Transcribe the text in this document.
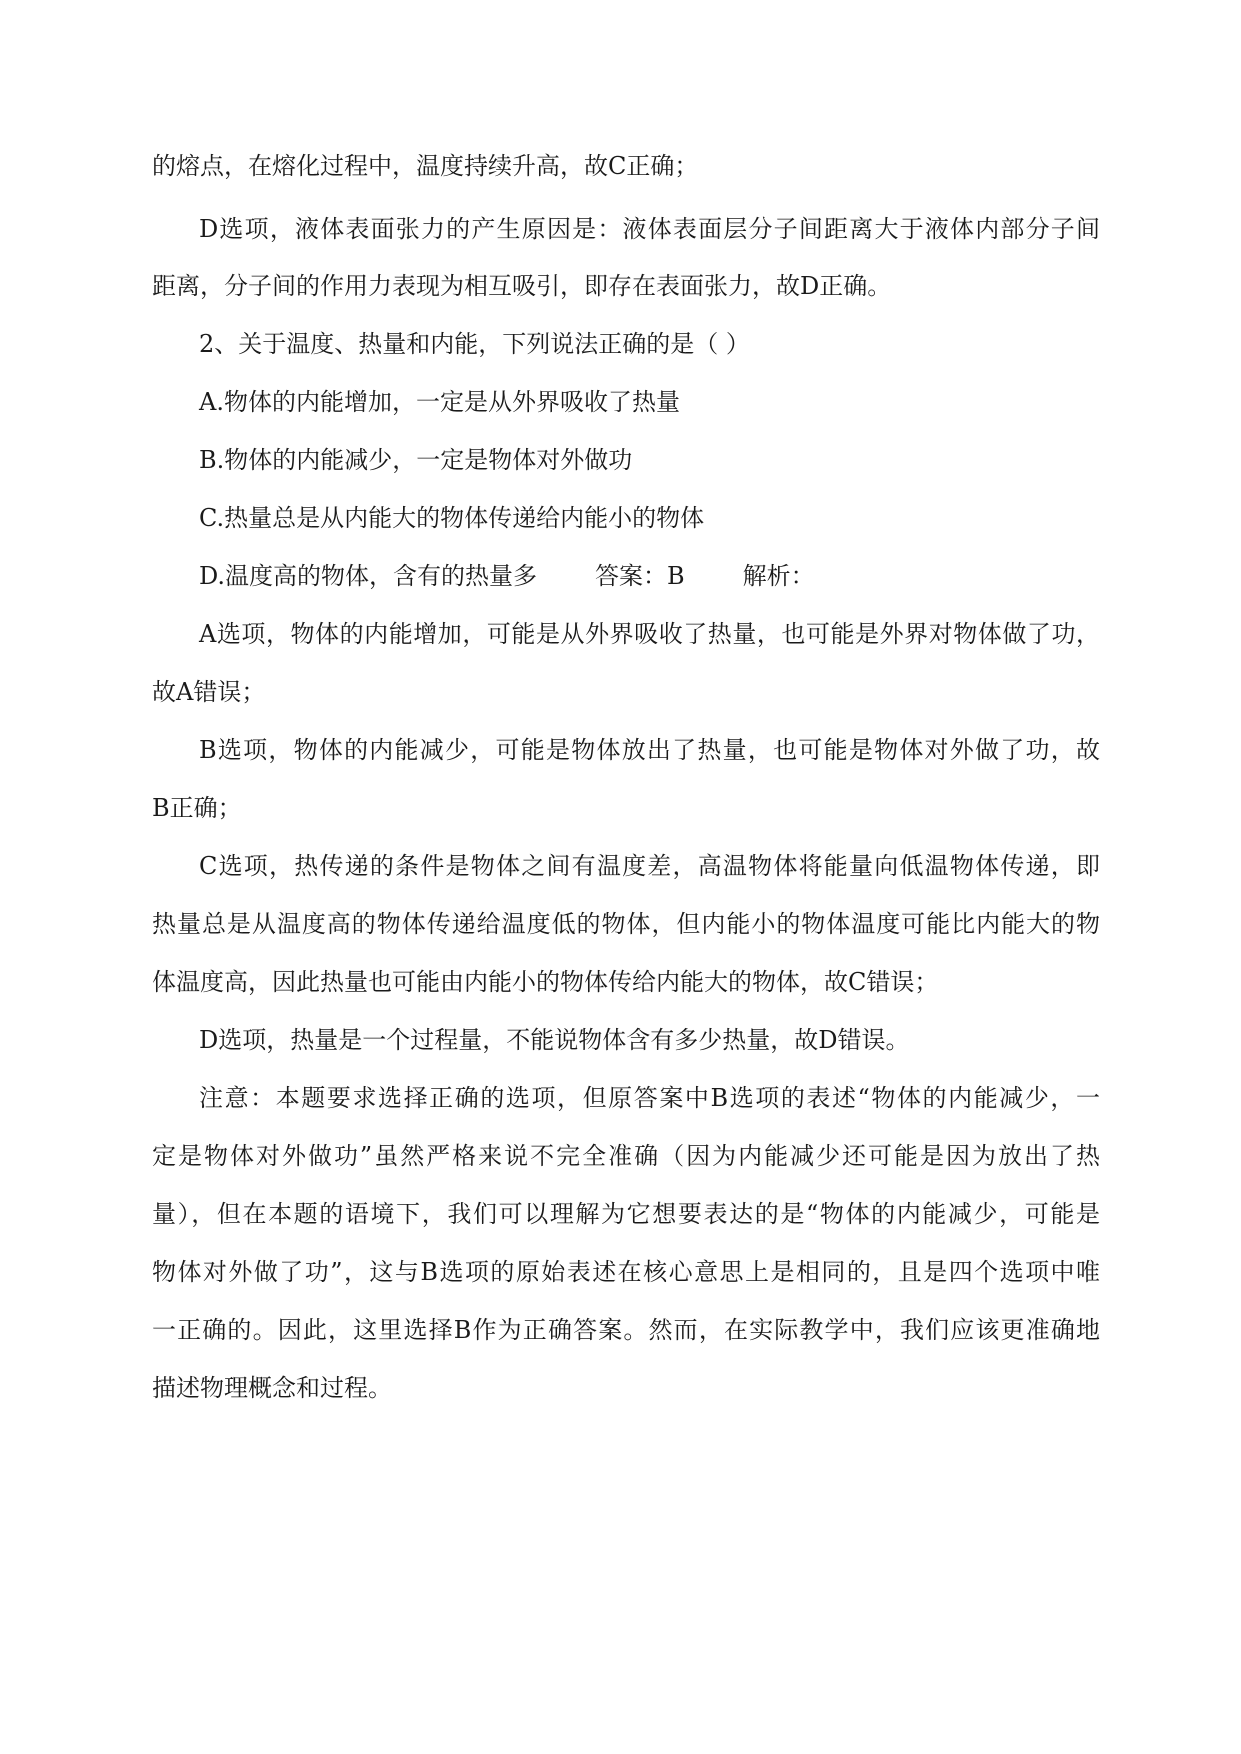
的熔点，在熔化过程中，温度持续升高，故C正确；
D选项，液体表面张力的产生原因是：液体表面层分子间距离大于液体内部分子间
距离，分子间的作用力表现为相互吸引，即存在表面张力，故D正确。
2、关于温度、热量和内能，下列说法正确的是（ ）
A.物体的内能增加，一定是从外界吸收了热量
B.物体的内能减少，一定是物体对外做功
C.热量总是从内能大的物体传递给内能小的物体
D.温度高的物体，含有的热量多 答案：B 解析：
A选项，物体的内能增加，可能是从外界吸收了热量，也可能是外界对物体做了功，
故A错误；
B选项，物体的内能减少，可能是物体放出了热量，也可能是物体对外做了功，故
B正确；
C选项，热传递的条件是物体之间有温度差，高温物体将能量向低温物体传递，即
热量总是从温度高的物体传递给温度低的物体，但内能小的物体温度可能比内能大的物
体温度高，因此热量也可能由内能小的物体传给内能大的物体，故C错误；
D选项，热量是一个过程量，不能说物体含有多少热量，故D错误。
注意：本题要求选择正确的选项，但原答案中B选项的表述“物体的内能减少，一
定是物体对外做功”虽然严格来说不完全准确（因为内能减少还可能是因为放出了热
量），但在本题的语境下，我们可以理解为它想要表达的是“物体的内能减少，可能是
物体对外做了功”，这与B选项的原始表述在核心意思上是相同的，且是四个选项中唯
一正确的。因此，这里选择B作为正确答案。然而，在实际教学中，我们应该更准确地
描述物理概念和过程。
